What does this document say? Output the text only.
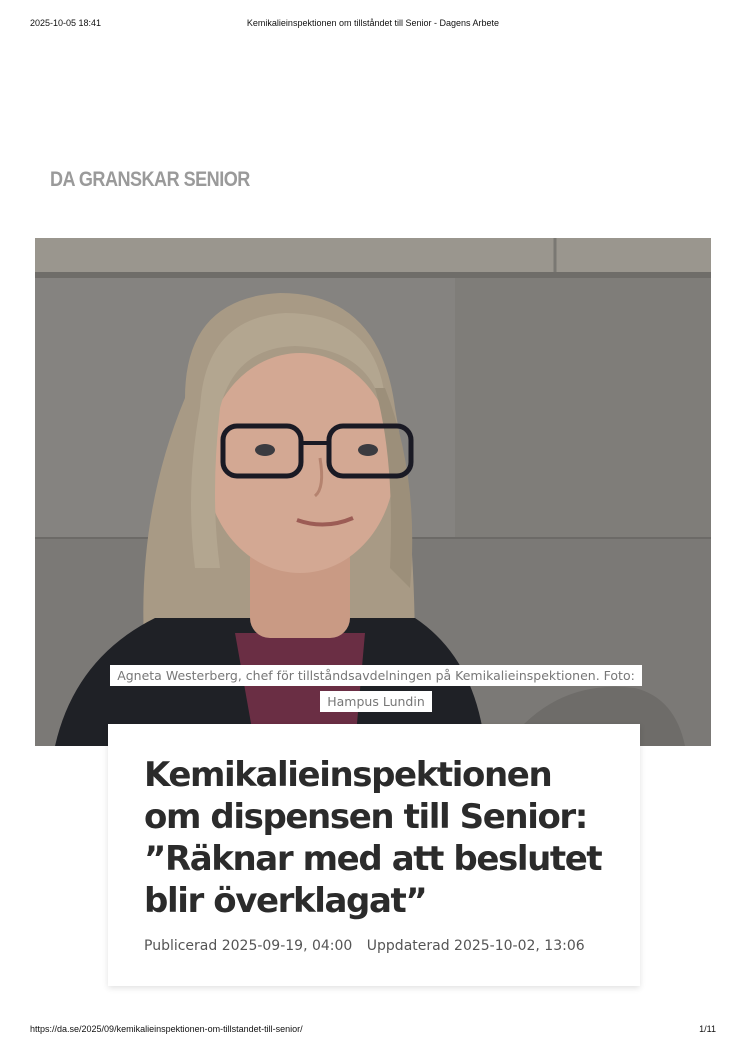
2025-10-05 18:41	Kemikalieinspektionen om tillståndet till Senior - Dagens Arbete
DA GRANSKAR SENIOR
Agneta Westerberg, chef för tillståndsavdelningen på Kemikalieinspektionen. Foto: Hampus Lundin
Kemikalieinspektionen om dispensen till Senior: ”Räknar med att beslutet blir överklagat”
Publicerad 2025-09-19, 04:00 Uppdaterad 2025-10-02, 13:06
https://da.se/2025/09/kemikalieinspektionen-om-tillstandet-till-senior/	1/11
